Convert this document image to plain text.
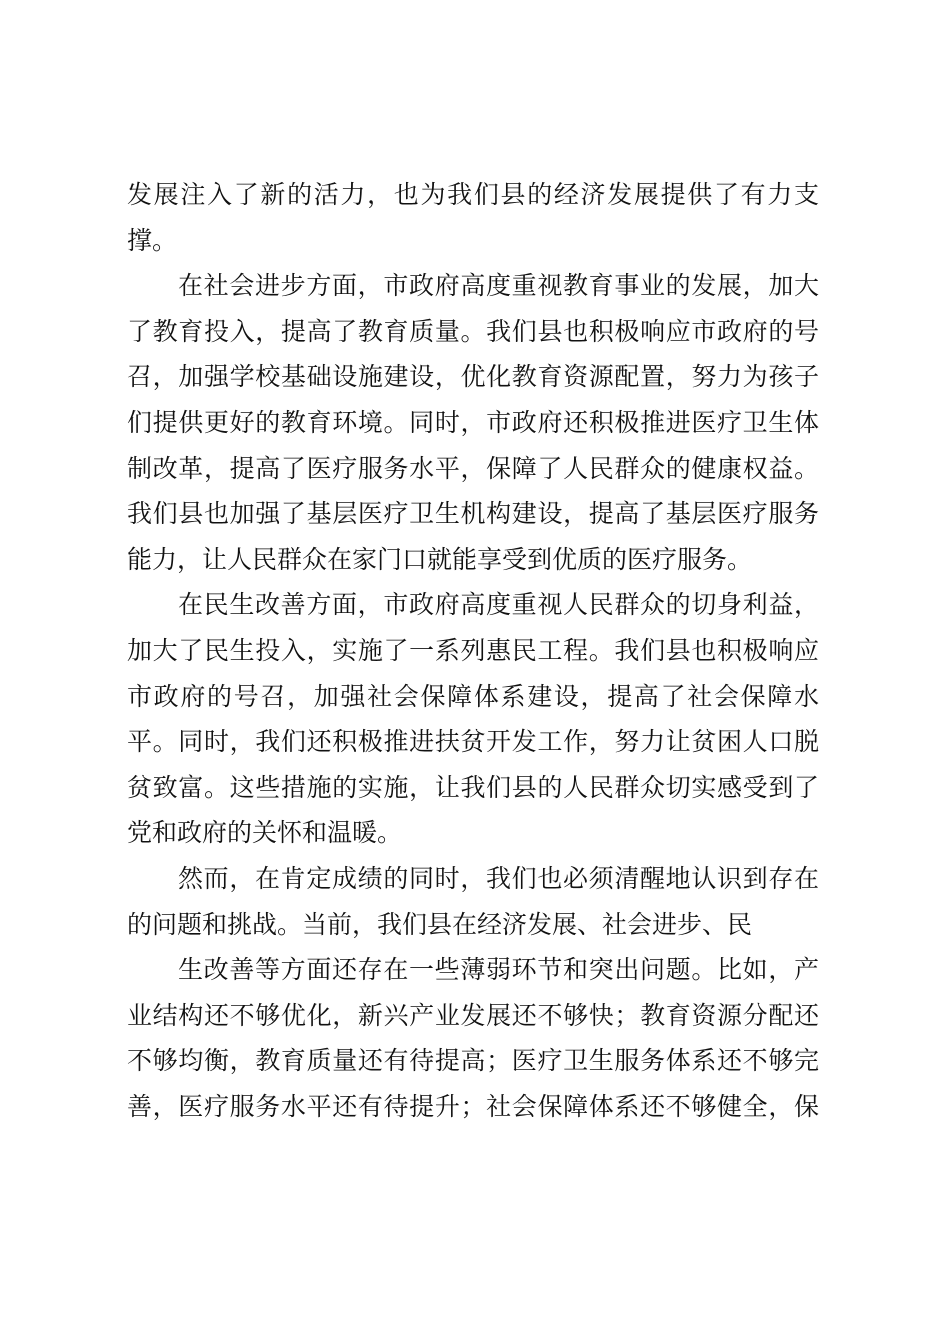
发展注入了新的活力，也为我们县的经济发展提供了有力支
撑。
在社会进步方面，市政府高度重视教育事业的发展，加大
了教育投入，提高了教育质量。我们县也积极响应市政府的号
召，加强学校基础设施建设，优化教育资源配置，努力为孩子
们提供更好的教育环境。同时，市政府还积极推进医疗卫生体
制改革，提高了医疗服务水平，保障了人民群众的健康权益。
我们县也加强了基层医疗卫生机构建设，提高了基层医疗服务
能力，让人民群众在家门口就能享受到优质的医疗服务。
在民生改善方面，市政府高度重视人民群众的切身利益，
加大了民生投入，实施了一系列惠民工程。我们县也积极响应
市政府的号召，加强社会保障体系建设，提高了社会保障水
平。同时，我们还积极推进扶贫开发工作，努力让贫困人口脱
贫致富。这些措施的实施，让我们县的人民群众切实感受到了
党和政府的关怀和温暖。
然而，在肯定成绩的同时，我们也必须清醒地认识到存在
的问题和挑战。当前，我们县在经济发展、社会进步、民
生改善等方面还存在一些薄弱环节和突出问题。比如，产
业结构还不够优化，新兴产业发展还不够快；教育资源分配还
不够均衡，教育质量还有待提高；医疗卫生服务体系还不够完
善，医疗服务水平还有待提升；社会保障体系还不够健全，保
